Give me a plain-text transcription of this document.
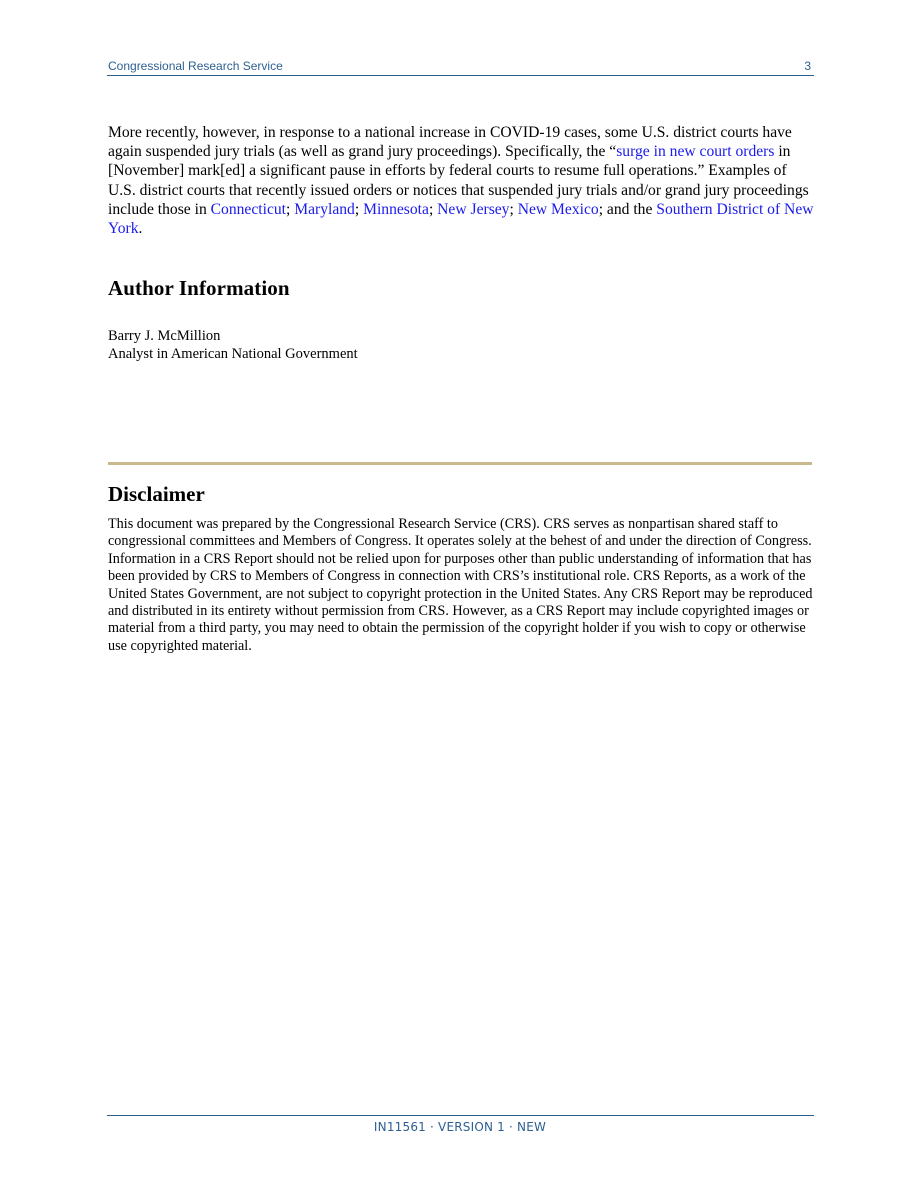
Congressional Research Service	3

More recently, however, in response to a national increase in COVID-19 cases, some U.S. district courts have again suspended jury trials (as well as grand jury proceedings). Specifically, the “surge in new court orders in [November] mark[ed] a significant pause in efforts by federal courts to resume full operations.” Examples of U.S. district courts that recently issued orders or notices that suspended jury trials and/or grand jury proceedings include those in Connecticut; Maryland; Minnesota; New Jersey; New Mexico; and the Southern District of New York.

Author Information
Barry J. McMillion
Analyst in American National Government
Disclaimer

This document was prepared by the Congressional Research Service (CRS). CRS serves as nonpartisan shared staff to congressional committees and Members of Congress. It operates solely at the behest of and under the direction of Congress. Information in a CRS Report should not be relied upon for purposes other than public understanding of information that has been provided by CRS to Members of Congress in connection with CRS’s institutional role. CRS Reports, as a work of the United States Government, are not subject to copyright protection in the United States. Any CRS Report may be reproduced and distributed in its entirety without permission from CRS. However, as a CRS Report may include copyrighted images or material from a third party, you may need to obtain the permission of the copyright holder if you wish to copy or otherwise use copyrighted material.

IN11561 · VERSION 1 · NEW
